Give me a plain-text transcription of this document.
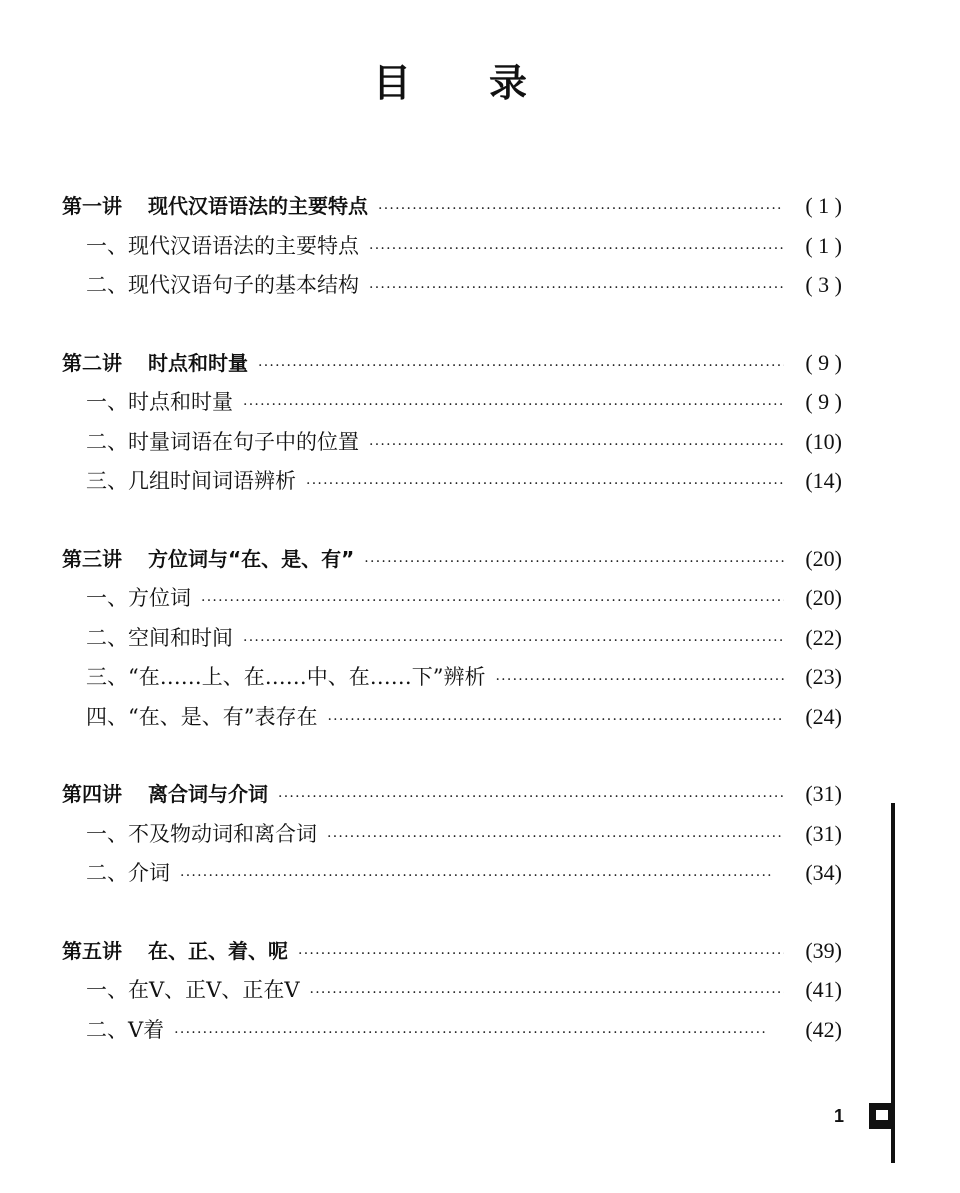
目 录
第一讲 现代汉语语法的主要特点 · · ·	( 1 )
一、现代汉语语法的主要特点 · · ·	( 1 )
二、现代汉语句子的基本结构 · · ·	( 3 )
第二讲 时点和时量 · · ·	( 9 )
一、时点和时量 · · ·	( 9 )
二、时量词语在句子中的位置 · · ·	(10)
三、几组时间词语辨析 · · ·	(14)
第三讲 方位词与“在、是、有” · · ·	(20)
一、方位词 · · ·	(20)
二、空间和时间 · · ·	(22)
三、“在……上、在……中、在……下”辨析 · · ·	(23)
四、“在、是、有”表存在 · · ·	(24)
第四讲 离合词与介词 · · ·	(31)
一、不及物动词和离合词 · · ·	(31)
二、介词 · · ·	(34)
第五讲 在、正、着、呢 · · ·	(39)
一、在V、正V、正在V · · ·	(41)
二、V着 · · ·	(42)
1
